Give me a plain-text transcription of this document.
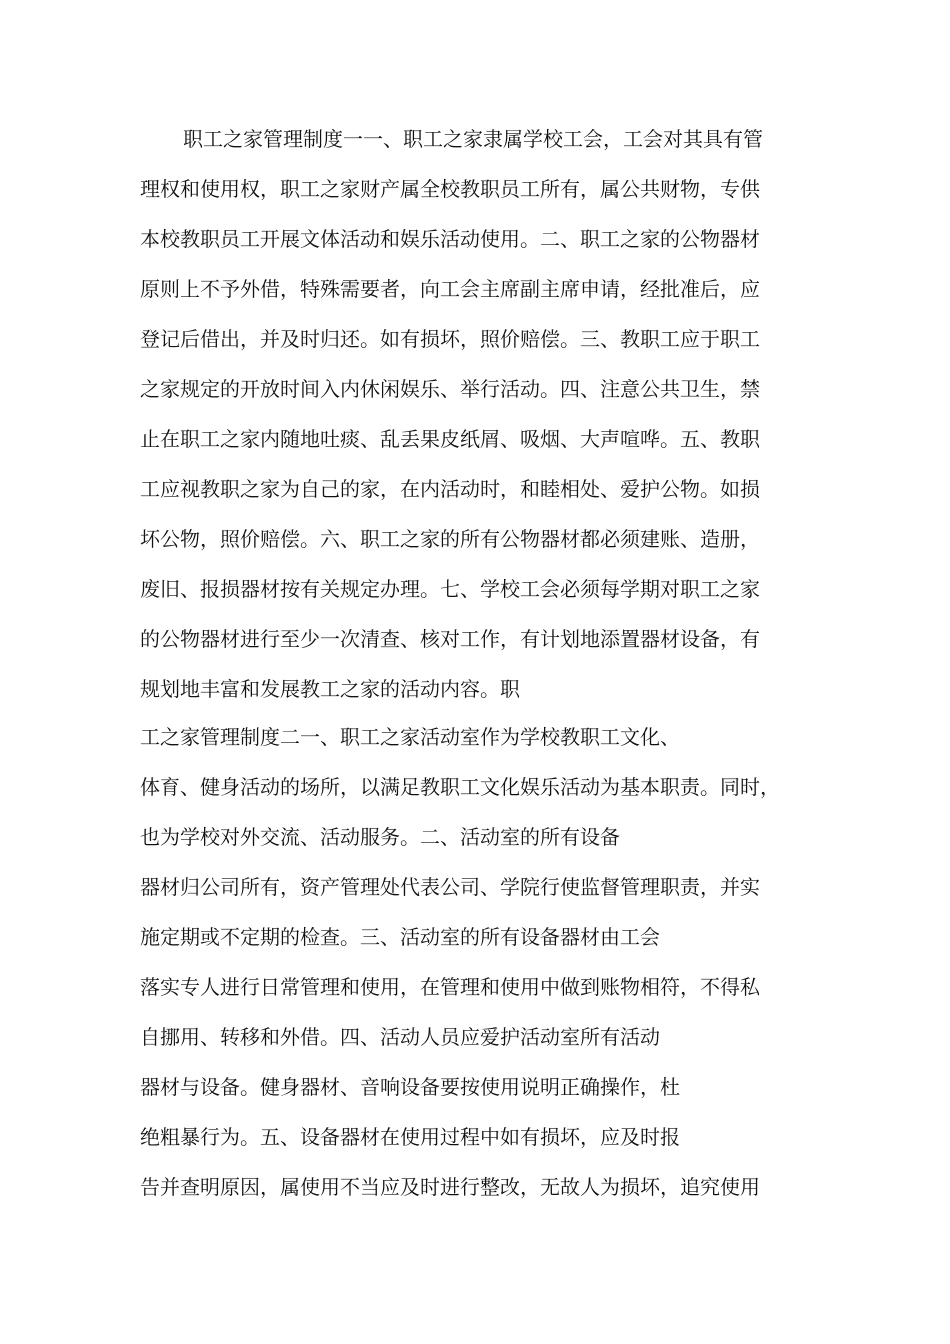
职工之家管理制度一一、职工之家隶属学校工会，工会对其具有管

理权和使用权，职工之家财产属全校教职员工所有，属公共财物，专供

本校教职员工开展文体活动和娱乐活动使用。二、职工之家的公物器材

原则上不予外借，特殊需要者，向工会主席副主席申请，经批准后，应

登记后借出，并及时归还。如有损坏，照价赔偿。三、教职工应于职工

之家规定的开放时间入内休闲娱乐、举行活动。四、注意公共卫生，禁

止在职工之家内随地吐痰、乱丢果皮纸屑、吸烟、大声喧哗。五、教职

工应视教职之家为自己的家，在内活动时，和睦相处、爱护公物。如损

坏公物，照价赔偿。六、职工之家的所有公物器材都必须建账、造册，

废旧、报损器材按有关规定办理。七、学校工会必须每学期对职工之家

的公物器材进行至少一次清查、核对工作，有计划地添置器材设备，有

规划地丰富和发展教工之家的活动内容。职

工之家管理制度二一、职工之家活动室作为学校教职工文化、

体育、健身活动的场所，以满足教职工文化娱乐活动为基本职责。同时，

也为学校对外交流、活动服务。二、活动室的所有设备

器材归公司所有，资产管理处代表公司、学院行使监督管理职责，并实

施定期或不定期的检查。三、活动室的所有设备器材由工会

落实专人进行日常管理和使用，在管理和使用中做到账物相符，不得私

自挪用、转移和外借。四、活动人员应爱护活动室所有活动

器材与设备。健身器材、音响设备要按使用说明正确操作，杜

绝粗暴行为。五、设备器材在使用过程中如有损坏，应及时报

告并查明原因，属使用不当应及时进行整改，无故人为损坏，追究使用
